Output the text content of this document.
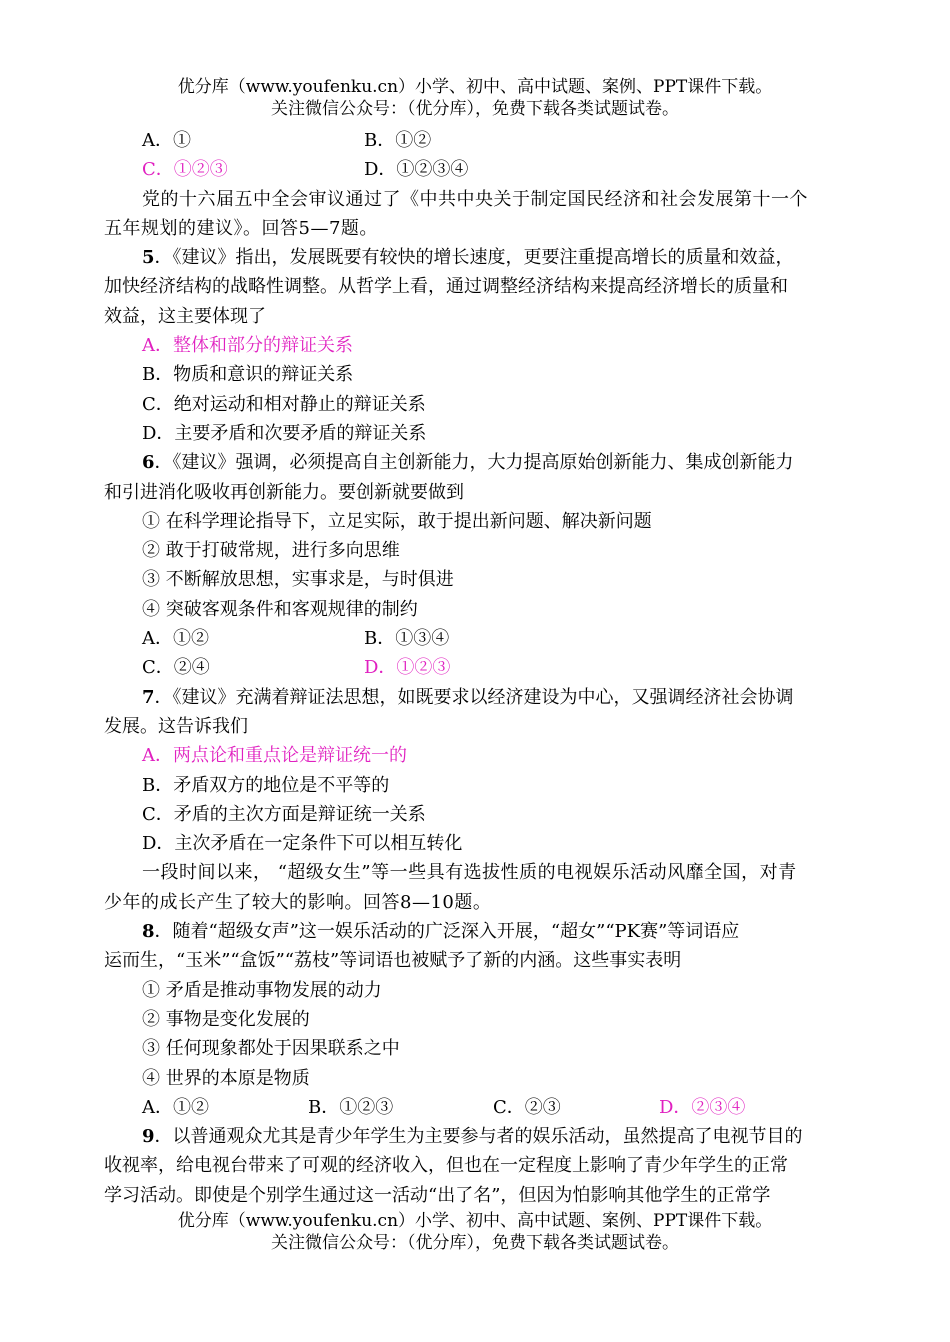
优分库（www.youfenku.cn）小学、初中、高中试题、案例、PPT课件下载。
关注微信公众号：（优分库），免费下载各类试题试卷。
A．①	B．①②
C．①②③	D．①②③④
党的十六届五中全会审议通过了《中共中央关于制定国民经济和社会发展第十一个
五年规划的建议》。回答5—7题。
5．《建议》指出，发展既要有较快的增长速度，更要注重提高增长的质量和效益，
加快经济结构的战略性调整。从哲学上看，通过调整经济结构来提高经济增长的质量和
效益，这主要体现了
A．整体和部分的辩证关系
B．物质和意识的辩证关系
C．绝对运动和相对静止的辩证关系
D．主要矛盾和次要矛盾的辩证关系
6．《建议》强调，必须提高自主创新能力，大力提高原始创新能力、集成创新能力
和引进消化吸收再创新能力。要创新就要做到
① 在科学理论指导下，立足实际，敢于提出新问题、解决新问题
② 敢于打破常规，进行多向思维
③ 不断解放思想，实事求是，与时俱进
④ 突破客观条件和客观规律的制约
A．①②	B．①③④
C．②④	D．①②③
7．《建议》充满着辩证法思想，如既要求以经济建设为中心，又强调经济社会协调
发展。这告诉我们
A．两点论和重点论是辩证统一的
B．矛盾双方的地位是不平等的
C．矛盾的主次方面是辩证统一关系
D．主次矛盾在一定条件下可以相互转化
一段时间以来， “超级女生”等一些具有选拔性质的电视娱乐活动风靡全国，对青
少年的成长产生了较大的影响。回答8—10题。
8．随着“超级女声”这一娱乐活动的广泛深入开展，“超女”“PK赛”等词语应
运而生，“玉米”“盒饭”“荔枝”等词语也被赋予了新的内涵。这些事实表明
① 矛盾是推动事物发展的动力
② 事物是变化发展的
③ 任何现象都处于因果联系之中
④ 世界的本原是物质
A．①②	B．①②③	C．②③	D．②③④
9．以普通观众尤其是青少年学生为主要参与者的娱乐活动，虽然提高了电视节目的
收视率，给电视台带来了可观的经济收入，但也在一定程度上影响了青少年学生的正常
学习活动。即使是个别学生通过这一活动“出了名”，但因为怕影响其他学生的正常学
优分库（www.youfenku.cn）小学、初中、高中试题、案例、PPT课件下载。
关注微信公众号：（优分库），免费下载各类试题试卷。
